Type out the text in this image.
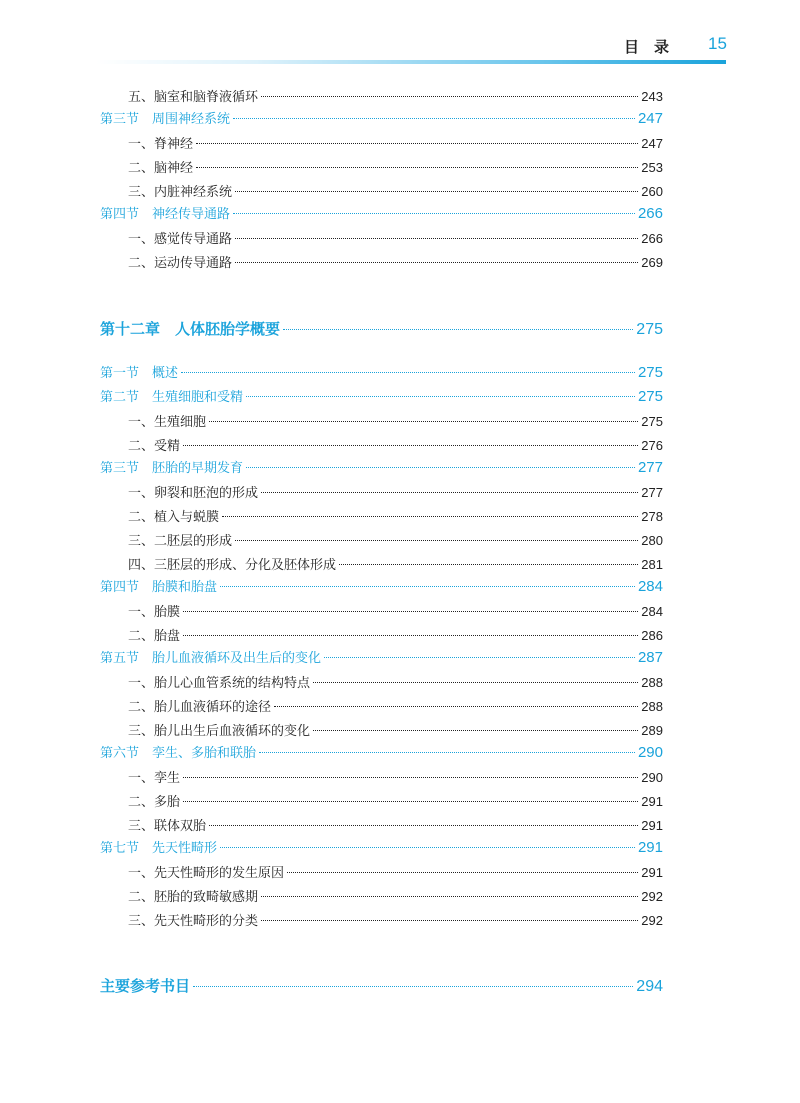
目　录 15
五、脑室和脑脊液循环	243
第三节　周围神经系统	247
一、脊神经	247
二、脑神经	253
三、内脏神经系统	260
第四节　神经传导通路	266
一、感觉传导通路	266
二、运动传导通路	269
第十二章　人体胚胎学概要	275
第一节　概述	275
第二节　生殖细胞和受精	275
一、生殖细胞	275
二、受精	276
第三节　胚胎的早期发育	277
一、卵裂和胚泡的形成	277
二、植入与蜕膜	278
三、二胚层的形成	280
四、三胚层的形成、分化及胚体形成	281
第四节　胎膜和胎盘	284
一、胎膜	284
二、胎盘	286
第五节　胎儿血液循环及出生后的变化	287
一、胎儿心血管系统的结构特点	288
二、胎儿血液循环的途径	288
三、胎儿出生后血液循环的变化	289
第六节　孪生、多胎和联胎	290
一、孪生	290
二、多胎	291
三、联体双胎	291
第七节　先天性畸形	291
一、先天性畸形的发生原因	291
二、胚胎的致畸敏感期	292
三、先天性畸形的分类	292
主要参考书目	294
